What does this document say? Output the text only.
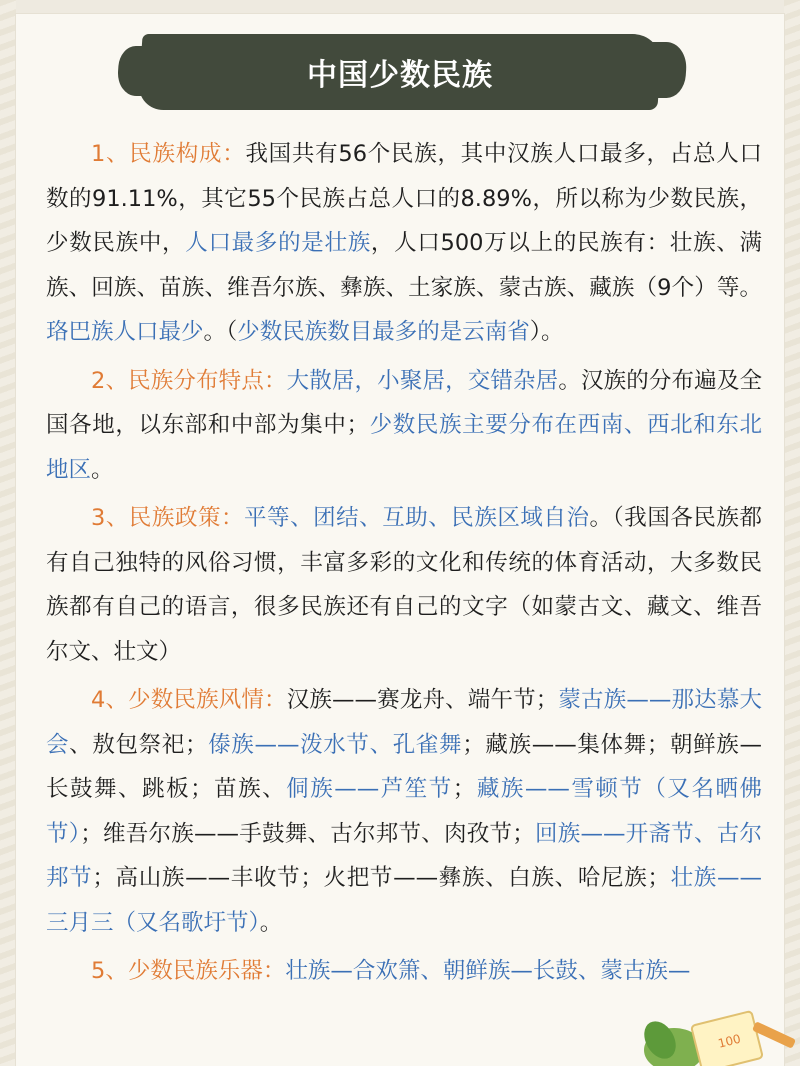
中国少数民族

1、民族构成：我国共有56个民族，其中汉族人口最多，占总人口数的91.11%，其它55个民族占总人口的8.89%，所以称为少数民族，少数民族中，人口最多的是壮族，人口500万以上的民族有：壮族、满族、回族、苗族、维吾尔族、彝族、土家族、蒙古族、藏族（9个）等。珞巴族人口最少。（少数民族数目最多的是云南省）。

2、民族分布特点：大散居，小聚居，交错杂居。汉族的分布遍及全国各地，以东部和中部为集中；少数民族主要分布在西南、西北和东北地区。

3、民族政策：平等、团结、互助、民族区域自治。（我国各民族都有自己独特的风俗习惯，丰富多彩的文化和传统的体育活动，大多数民族都有自己的语言，很多民族还有自己的文字（如蒙古文、藏文、维吾尔文、壮文）

4、少数民族风情：汉族——赛龙舟、端午节；蒙古族——那达慕大会、敖包祭祀；傣族——泼水节、孔雀舞；藏族——集体舞；朝鲜族—长鼓舞、跳板；苗族、侗族——芦笙节；藏族——雪顿节（又名晒佛节）；维吾尔族——手鼓舞、古尔邦节、肉孜节；回族——开斋节、古尔邦节；高山族——丰收节；火把节——彝族、白族、哈尼族；壮族——三月三（又名歌圩节）。

5、少数民族乐器：壮族—合欢箫、朝鲜族—长鼓、蒙古族—

100
